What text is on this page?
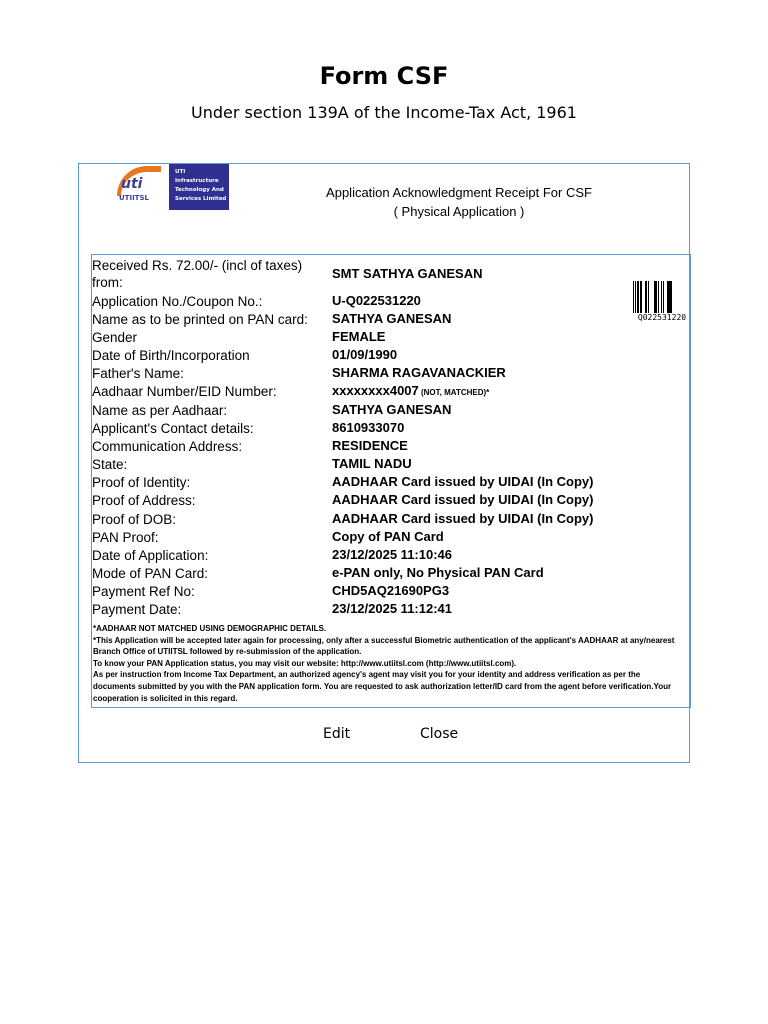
Form CSF
Under section 139A of the Income-Tax Act, 1961
uti
UTIITSL
UTI Infrastructure
Technology And
Services Limited	Application Acknowledgment Receipt For CSF
( Physical Application )
Received Rs. 72.00/- (incl of taxes) from:
SMT SATHYA GANESAN
Application No./Coupon No.:	U-Q022531220
Name as to be printed on PAN card:	SATHYA GANESAN
Gender	FEMALE
Date of Birth/Incorporation	01/09/1990
Father's Name:	SHARMA RAGAVANACKIER
Aadhaar Number/EID Number:	xxxxxxxx4007 (NOT, MATCHED)*
Name as per Aadhaar:	SATHYA GANESAN
Applicant's Contact details:	8610933070
Communication Address:	RESIDENCE
State:	TAMIL NADU
Proof of Identity:	AADHAAR Card issued by UIDAI (In Copy)
Proof of Address:	AADHAAR Card issued by UIDAI (In Copy)
Proof of DOB:	AADHAAR Card issued by UIDAI (In Copy)
PAN Proof:	Copy of PAN Card
Date of Application:	23/12/2025 11:10:46
Mode of PAN Card:	e-PAN only, No Physical PAN Card
Payment Ref No:	CHD5AQ21690PG3
Payment Date:	23/12/2025 11:12:41
Q022531220
*AADHAAR NOT MATCHED USING DEMOGRAPHIC DETAILS.
*This Application will be accepted later again for processing, only after a successful Biometric authentication of the applicant's AADHAAR at any/nearest Branch Office of UTIITSL followed by re-submission of the application.
To know your PAN Application status, you may visit our website: http://www.utiitsl.com (http://www.utiitsl.com).
As per instruction from Income Tax Department, an authorized agency's agent may visit you for your identity and address verification as per the documents submitted by you with the PAN application form. You are requested to ask authorization letter/ID card from the agent before verification.Your cooperation is solicited in this regard.
Edit	Close
